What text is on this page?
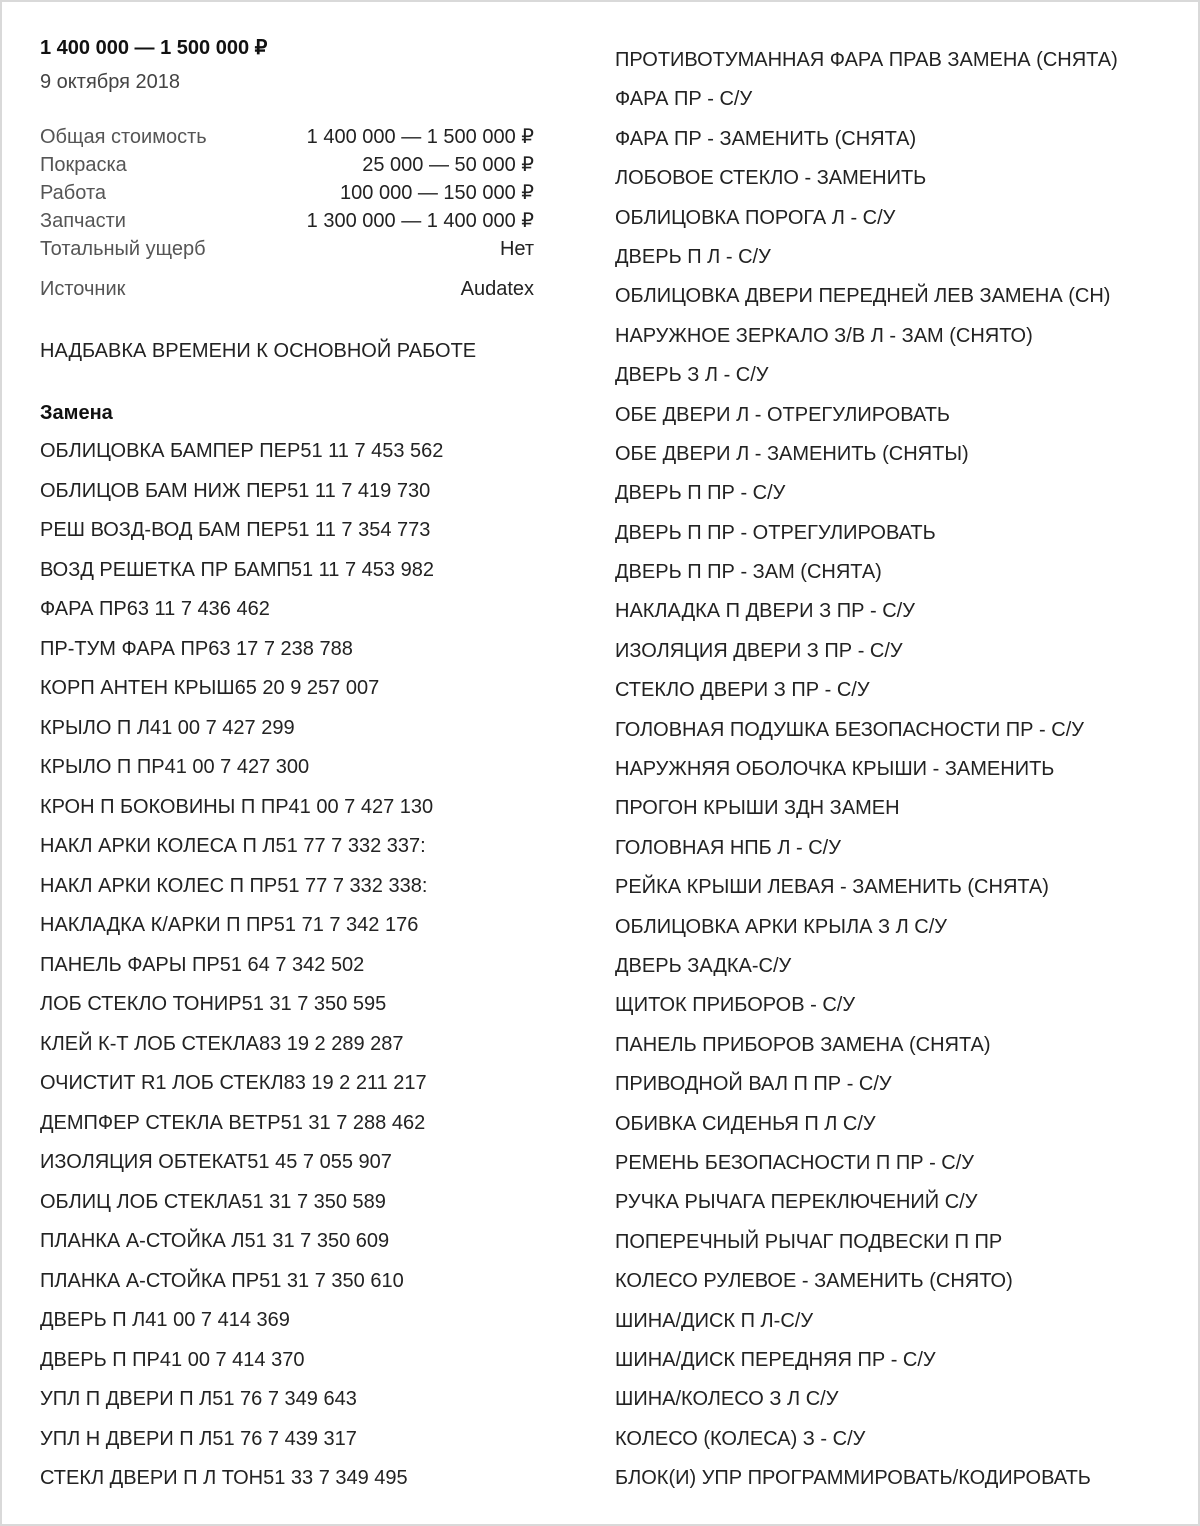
1 400 000 — 1 500 000 ₽
9 октября 2018
Общая стоимость	1 400 000 — 1 500 000 ₽
Покраска	25 000 — 50 000 ₽
Работа	100 000 — 150 000 ₽
Запчасти	1 300 000 — 1 400 000 ₽
Тотальный ущерб	Нет
Источник	Audatex
НАДБАВКА ВРЕМЕНИ К ОСНОВНОЙ РАБОТЕ
Замена
ОБЛИЦОВКА БАМПЕР ПЕР51 11 7 453 562
ОБЛИЦОВ БАМ НИЖ ПЕР51 11 7 419 730
РЕШ ВОЗД-ВОД БАМ ПЕР51 11 7 354 773
ВОЗД РЕШЕТКА ПР БАМП51 11 7 453 982
ФАРА ПР63 11 7 436 462
ПР-ТУМ ФАРА ПР63 17 7 238 788
КОРП АНТЕН КРЫШ65 20 9 257 007
КРЫЛО П Л41 00 7 427 299
КРЫЛО П ПР41 00 7 427 300
КРОН П БОКОВИНЫ П ПР41 00 7 427 130
НАКЛ АРКИ КОЛЕСА П Л51 77 7 332 337:
НАКЛ АРКИ КОЛЕС П ПР51 77 7 332 338:
НАКЛАДКА К/АРКИ П ПР51 71 7 342 176
ПАНЕЛЬ ФАРЫ ПР51 64 7 342 502
ЛОБ СТЕКЛО ТОНИР51 31 7 350 595
КЛЕЙ К-Т ЛОБ СТЕКЛА83 19 2 289 287
ОЧИСТИТ R1 ЛОБ СТЕКЛ83 19 2 211 217
ДЕМПФЕР СТЕКЛА ВЕТР51 31 7 288 462
ИЗОЛЯЦИЯ ОБТЕКАТ51 45 7 055 907
ОБЛИЦ ЛОБ СТЕКЛА51 31 7 350 589
ПЛАНКА А-СТОЙКА Л51 31 7 350 609
ПЛАНКА А-СТОЙКА ПР51 31 7 350 610
ДВЕРЬ П Л41 00 7 414 369
ДВЕРЬ П ПР41 00 7 414 370
УПЛ П ДВЕРИ П Л51 76 7 349 643
УПЛ Н ДВЕРИ П Л51 76 7 439 317
СТЕКЛ ДВЕРИ П Л ТОН51 33 7 349 495
ПРОТИВОТУМАННАЯ ФАРА ПРАВ ЗАМЕНА (СНЯТА)
ФАРА ПР - С/У
ФАРА ПР - ЗАМЕНИТЬ (СНЯТА)
ЛОБОВОЕ СТЕКЛО - ЗАМЕНИТЬ
ОБЛИЦОВКА ПОРОГА Л - С/У
ДВЕРЬ П Л - С/У
ОБЛИЦОВКА ДВЕРИ ПЕРЕДНЕЙ ЛЕВ ЗАМЕНА (СН)
НАРУЖНОЕ ЗЕРКАЛО З/В Л - ЗАМ (СНЯТО)
ДВЕРЬ З Л - С/У
ОБЕ ДВЕРИ Л - ОТРЕГУЛИРОВАТЬ
ОБЕ ДВЕРИ Л - ЗАМЕНИТЬ (СНЯТЫ)
ДВЕРЬ П ПР - С/У
ДВЕРЬ П ПР - ОТРЕГУЛИРОВАТЬ
ДВЕРЬ П ПР - ЗАМ (СНЯТА)
НАКЛАДКА П ДВЕРИ З ПР - С/У
ИЗОЛЯЦИЯ ДВЕРИ З ПР - С/У
СТЕКЛО ДВЕРИ З ПР - С/У
ГОЛОВНАЯ ПОДУШКА БЕЗОПАСНОСТИ ПР - С/У
НАРУЖНЯЯ ОБОЛОЧКА КРЫШИ - ЗАМЕНИТЬ
ПРОГОН КРЫШИ ЗДН ЗАМЕН
ГОЛОВНАЯ НПБ Л - С/У
РЕЙКА КРЫШИ ЛЕВАЯ - ЗАМЕНИТЬ (СНЯТА)
ОБЛИЦОВКА АРКИ КРЫЛА З Л С/У
ДВЕРЬ ЗАДКА-С/У
ЩИТОК ПРИБОРОВ - С/У
ПАНЕЛЬ ПРИБОРОВ ЗАМЕНА (СНЯТА)
ПРИВОДНОЙ ВАЛ П ПР - С/У
ОБИВКА СИДЕНЬЯ П Л С/У
РЕМЕНЬ БЕЗОПАСНОСТИ П ПР - С/У
РУЧКА РЫЧАГА ПЕРЕКЛЮЧЕНИЙ С/У
ПОПЕРЕЧНЫЙ РЫЧАГ ПОДВЕСКИ П ПР
КОЛЕСО РУЛЕВОЕ - ЗАМЕНИТЬ (СНЯТО)
ШИНА/ДИСК П Л-С/У
ШИНА/ДИСК ПЕРЕДНЯЯ ПР - С/У
ШИНА/КОЛЕСО З Л С/У
КОЛЕСО (КОЛЕСА) З - С/У
БЛОК(И) УПР ПРОГРАММИРОВАТЬ/КОДИРОВАТЬ
